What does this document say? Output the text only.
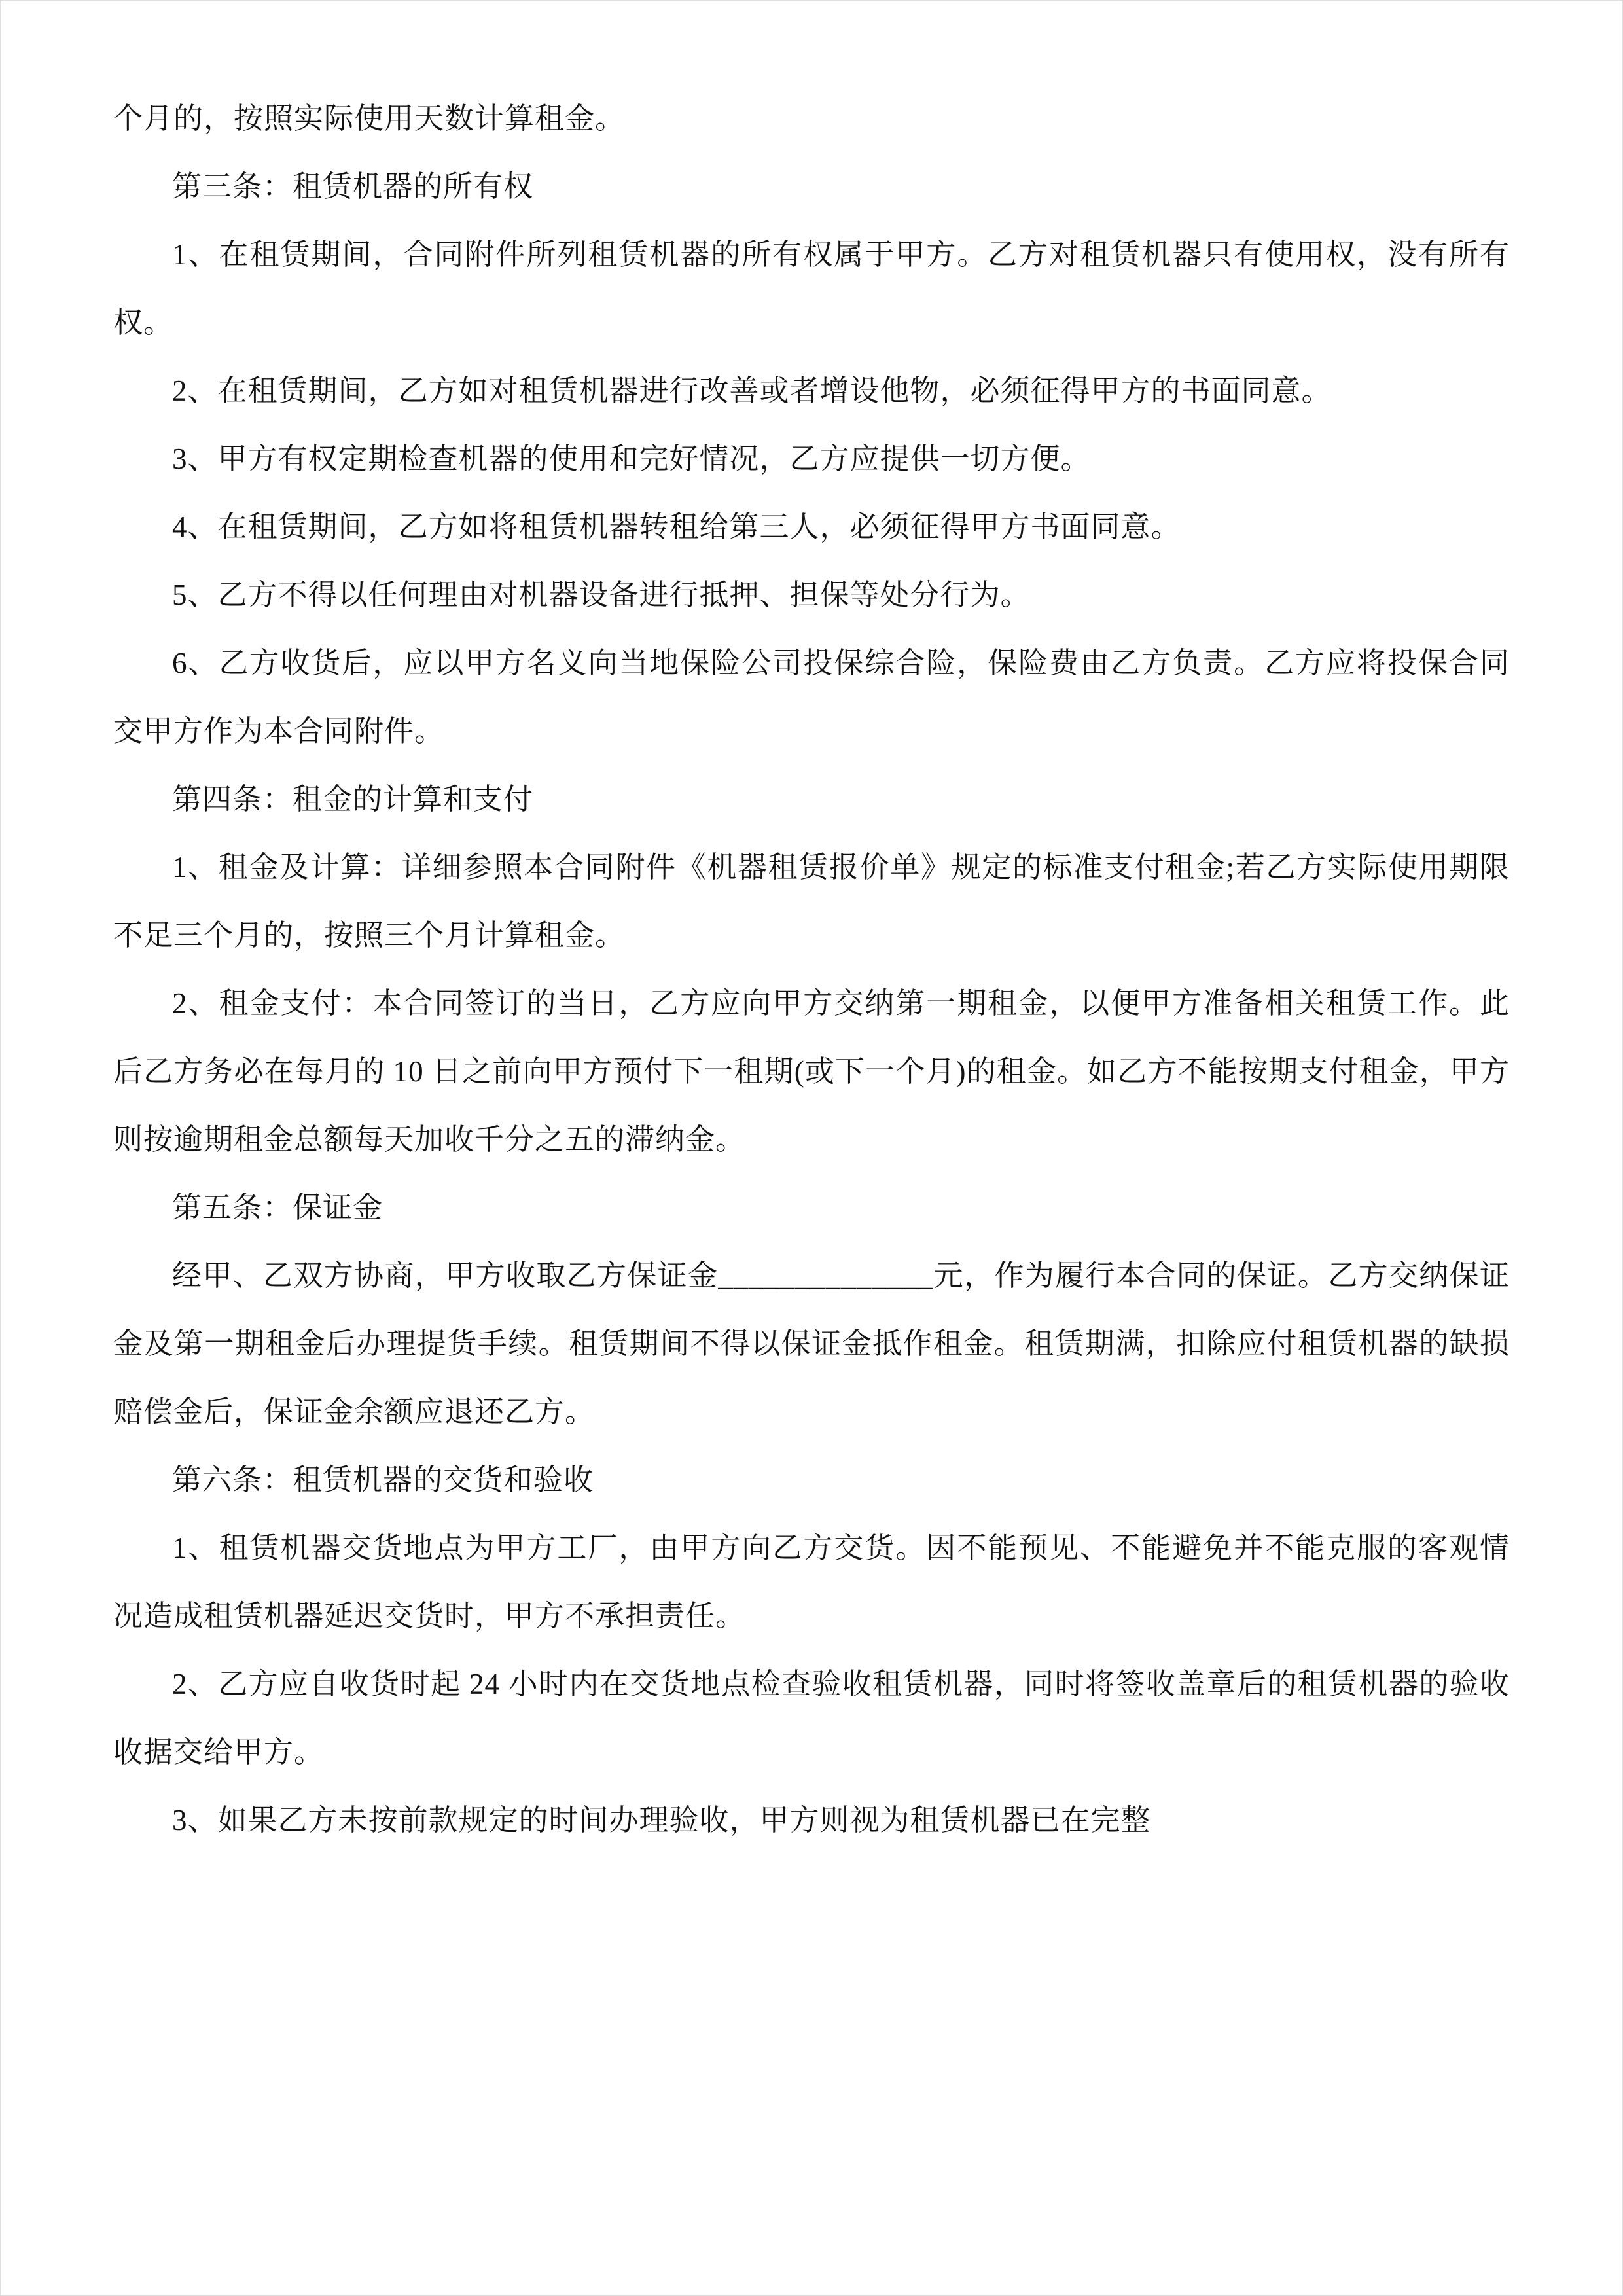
个月的，按照实际使用天数计算租金。

第三条：租赁机器的所有权

1、在租赁期间，合同附件所列租赁机器的所有权属于甲方。乙方对租赁机器只有使用权，没有所有权。

2、在租赁期间，乙方如对租赁机器进行改善或者增设他物，必须征得甲方的书面同意。

3、甲方有权定期检查机器的使用和完好情况，乙方应提供一切方便。

4、在租赁期间，乙方如将租赁机器转租给第三人，必须征得甲方书面同意。

5、乙方不得以任何理由对机器设备进行抵押、担保等处分行为。

6、乙方收货后，应以甲方名义向当地保险公司投保综合险，保险费由乙方负责。乙方应将投保合同交甲方作为本合同附件。

第四条：租金的计算和支付

1、租金及计算：详细参照本合同附件《机器租赁报价单》规定的标准支付租金;若乙方实际使用期限不足三个月的，按照三个月计算租金。

2、租金支付：本合同签订的当日，乙方应向甲方交纳第一期租金，以便甲方准备相关租赁工作。此后乙方务必在每月的 10 日之前向甲方预付下一租期(或下一个月)的租金。如乙方不能按期支付租金，甲方则按逾期租金总额每天加收千分之五的滞纳金。

第五条：保证金

经甲、乙双方协商，甲方收取乙方保证金______________元，作为履行本合同的保证。乙方交纳保证金及第一期租金后办理提货手续。租赁期间不得以保证金抵作租金。租赁期满，扣除应付租赁机器的缺损赔偿金后，保证金余额应退还乙方。

第六条：租赁机器的交货和验收

1、租赁机器交货地点为甲方工厂，由甲方向乙方交货。因不能预见、不能避免并不能克服的客观情况造成租赁机器延迟交货时，甲方不承担责任。

2、乙方应自收货时起 24 小时内在交货地点检查验收租赁机器，同时将签收盖章后的租赁机器的验收收据交给甲方。

3、如果乙方未按前款规定的时间办理验收，甲方则视为租赁机器已在完整
